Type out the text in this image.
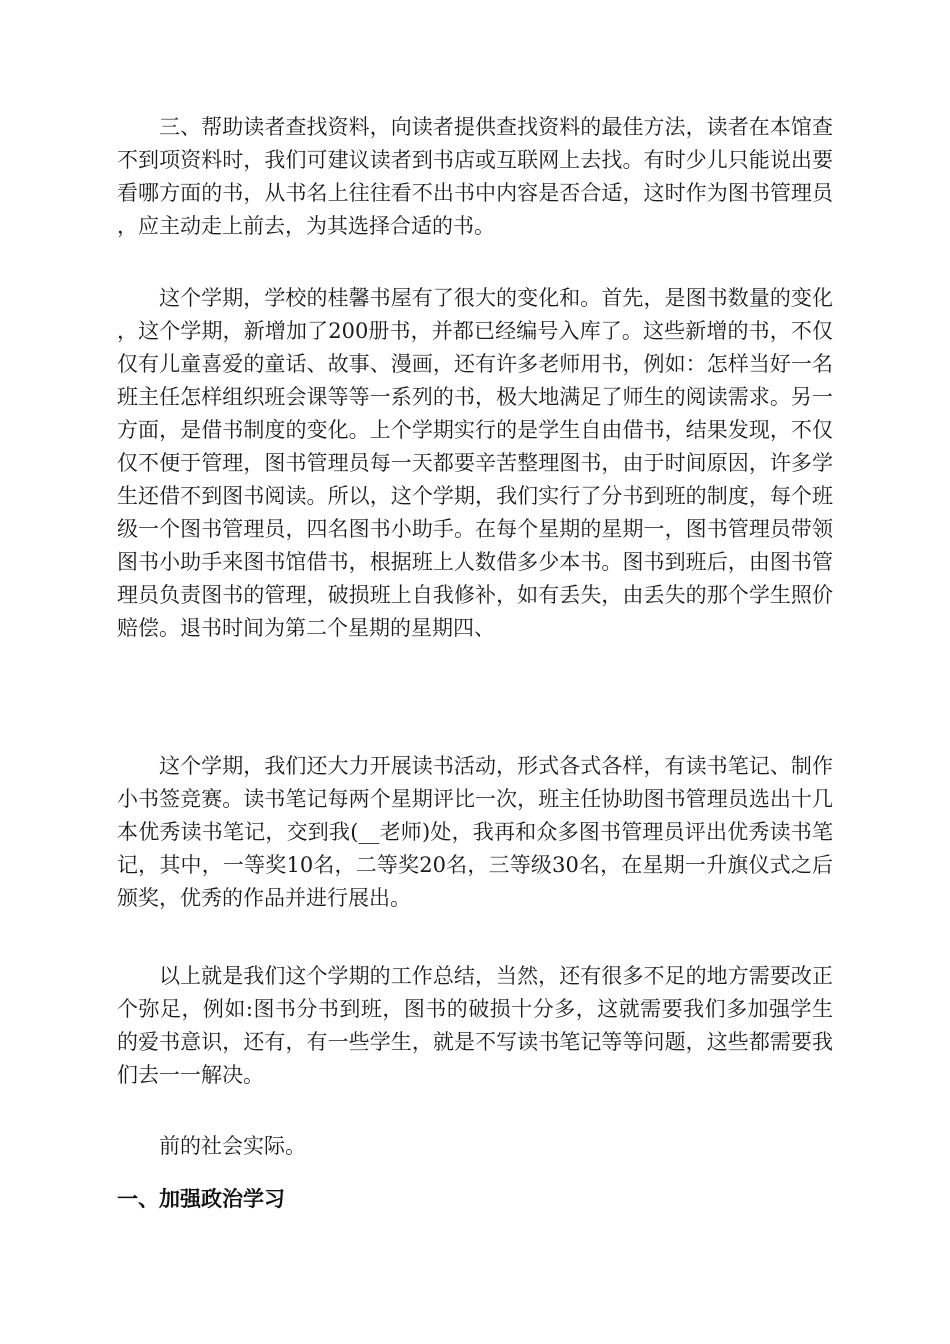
三、帮助读者查找资料，向读者提供查找资料的最佳方法，读者在本馆查不到项资料时，我们可建议读者到书店或互联网上去找。有时少儿只能说出要看哪方面的书，从书名上往往看不出书中内容是否合适，这时作为图书管理员，应主动走上前去，为其选择合适的书。

这个学期，学校的桂馨书屋有了很大的变化和。首先，是图书数量的变化，这个学期，新增加了200册书，并都已经编号入库了。这些新增的书，不仅仅有儿童喜爱的童话、故事、漫画，还有许多老师用书，例如：怎样当好一名班主任怎样组织班会课等等一系列的书，极大地满足了师生的阅读需求。另一方面，是借书制度的变化。上个学期实行的是学生自由借书，结果发现，不仅仅不便于管理，图书管理员每一天都要辛苦整理图书，由于时间原因，许多学生还借不到图书阅读。所以，这个学期，我们实行了分书到班的制度，每个班级一个图书管理员，四名图书小助手。在每个星期的星期一，图书管理员带领图书小助手来图书馆借书，根据班上人数借多少本书。图书到班后，由图书管理员负责图书的管理，破损班上自我修补，如有丢失，由丢失的那个学生照价赔偿。退书时间为第二个星期的星期四、

这个学期，我们还大力开展读书活动，形式各式各样，有读书笔记、制作小书签竞赛。读书笔记每两个星期评比一次，班主任协助图书管理员选出十几本优秀读书笔记，交到我(__老师)处，我再和众多图书管理员评出优秀读书笔记，其中，一等奖10名，二等奖20名，三等级30名，在星期一升旗仪式之后颁奖，优秀的作品并进行展出。

以上就是我们这个学期的工作总结，当然，还有很多不足的地方需要改正个弥足，例如:图书分书到班，图书的破损十分多，这就需要我们多加强学生的爱书意识，还有，有一些学生，就是不写读书笔记等等问题，这些都需要我们去一一解决。

前的社会实际。

一、加强政治学习
